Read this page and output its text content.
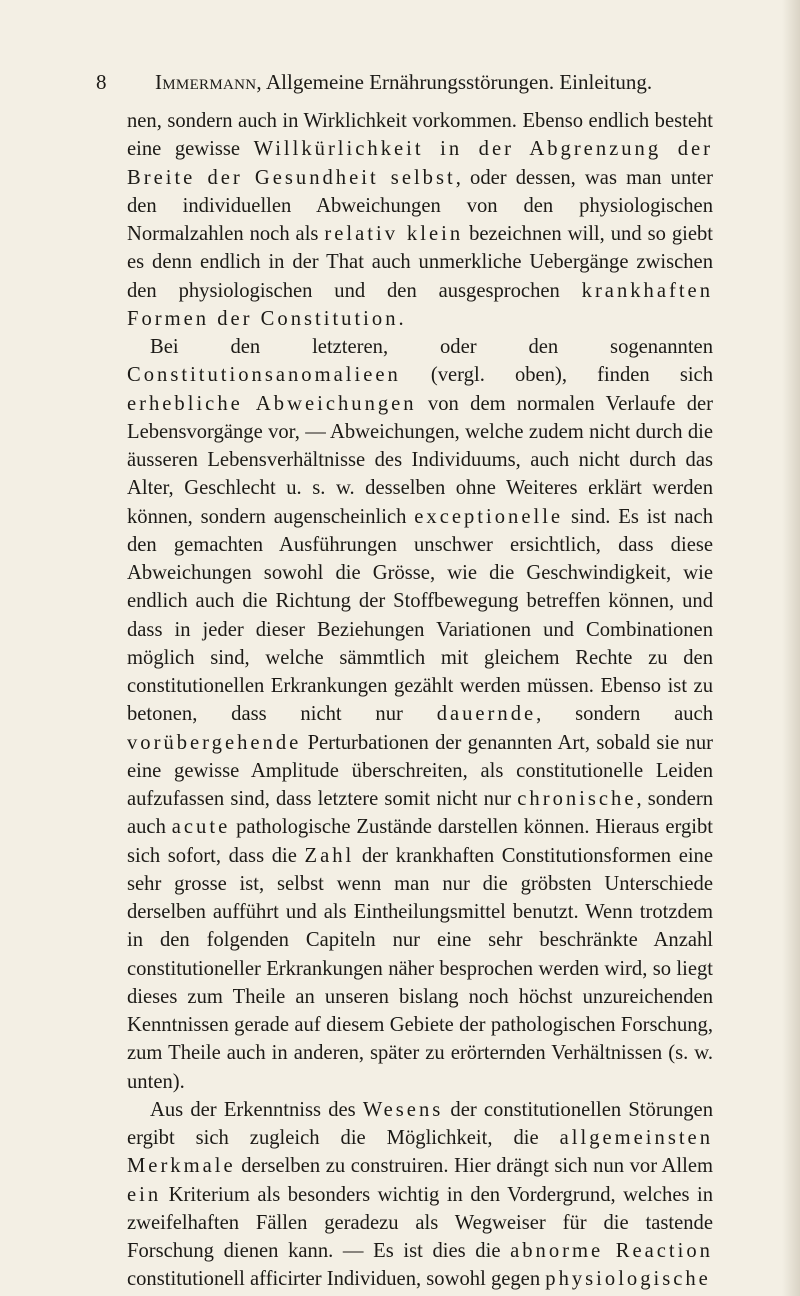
8 Immermann, Allgemeine Ernährungsstörungen. Einleitung.

nen, sondern auch in Wirklichkeit vorkommen. Ebenso endlich besteht eine gewisse Willkürlichkeit in der Abgrenzung der Breite der Gesundheit selbst, oder dessen, was man unter den individuellen Abweichungen von den physiologischen Normalzahlen noch als relativ klein bezeichnen will, und so giebt es denn endlich in der That auch unmerkliche Uebergänge zwischen den physiologischen und den ausgesprochen krankhaften Formen der Constitution.

Bei den letzteren, oder den sogenannten Constitutionsanomalieen (vergl. oben), finden sich erhebliche Abweichungen von dem normalen Verlaufe der Lebensvorgänge vor, — Abweichungen, welche zudem nicht durch die äusseren Lebensverhältnisse des Individuums, auch nicht durch das Alter, Geschlecht u. s. w. desselben ohne Weiteres erklärt werden können, sondern augenscheinlich exceptionelle sind. Es ist nach den gemachten Ausführungen unschwer ersichtlich, dass diese Abweichungen sowohl die Grösse, wie die Geschwindigkeit, wie endlich auch die Richtung der Stoffbewegung betreffen können, und dass in jeder dieser Beziehungen Variationen und Combinationen möglich sind, welche sämmtlich mit gleichem Rechte zu den constitutionellen Erkrankungen gezählt werden müssen. Ebenso ist zu betonen, dass nicht nur dauernde, sondern auch vorübergehende Perturbationen der genannten Art, sobald sie nur eine gewisse Amplitude überschreiten, als constitutionelle Leiden aufzufassen sind, dass letztere somit nicht nur chronische, sondern auch acute pathologische Zustände darstellen können. Hieraus ergibt sich sofort, dass die Zahl der krankhaften Constitutionsformen eine sehr grosse ist, selbst wenn man nur die gröbsten Unterschiede derselben aufführt und als Eintheilungsmittel benutzt. Wenn trotzdem in den folgenden Capiteln nur eine sehr beschränkte Anzahl constitutioneller Erkrankungen näher besprochen werden wird, so liegt dieses zum Theile an unseren bislang noch höchst unzureichenden Kenntnissen gerade auf diesem Gebiete der pathologischen Forschung, zum Theile auch in anderen, später zu erörternden Verhältnissen (s. w. unten).

Aus der Erkenntniss des Wesens der constitutionellen Störungen ergibt sich zugleich die Möglichkeit, die allgemeinsten Merkmale derselben zu construiren. Hier drängt sich nun vor Allem ein Kriterium als besonders wichtig in den Vordergrund, welches in zweifelhaften Fällen geradezu als Wegweiser für die tastende Forschung dienen kann. — Es ist dies die abnorme Reaction constitutionell afficirter Individuen, sowohl gegen physiologische
